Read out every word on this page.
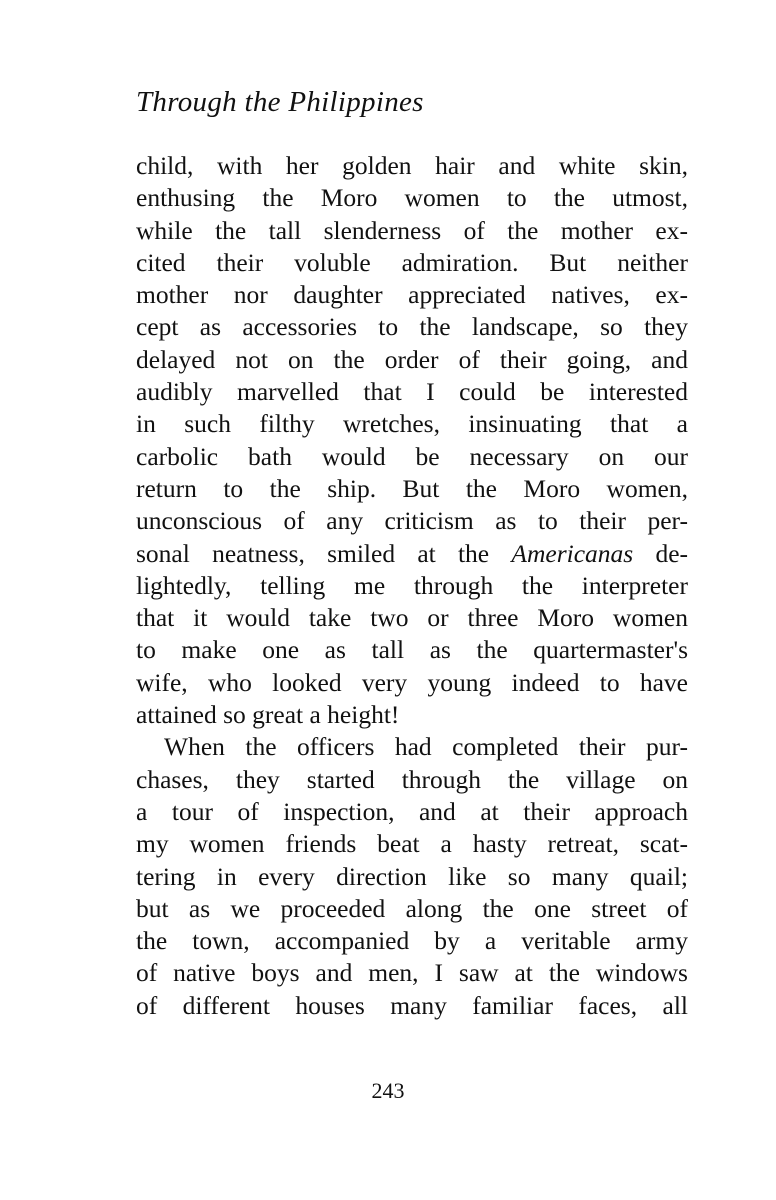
Through the Philippines
child, with her golden hair and white skin,
enthusing the Moro women to the utmost,
while the tall slenderness of the mother ex-
cited their voluble admiration. But neither
mother nor daughter appreciated natives, ex-
cept as accessories to the landscape, so they
delayed not on the order of their going, and
audibly marvelled that I could be interested
in such filthy wretches, insinuating that a
carbolic bath would be necessary on our
return to the ship. But the Moro women,
unconscious of any criticism as to their per-
sonal neatness, smiled at the Americanas de-
lightedly, telling me through the interpreter
that it would take two or three Moro women
to make one as tall as the quartermaster's
wife, who looked very young indeed to have
attained so great a height!
When the officers had completed their pur-
chases, they started through the village on
a tour of inspection, and at their approach
my women friends beat a hasty retreat, scat-
tering in every direction like so many quail;
but as we proceeded along the one street of
the town, accompanied by a veritable army
of native boys and men, I saw at the windows
of different houses many familiar faces, all
243
